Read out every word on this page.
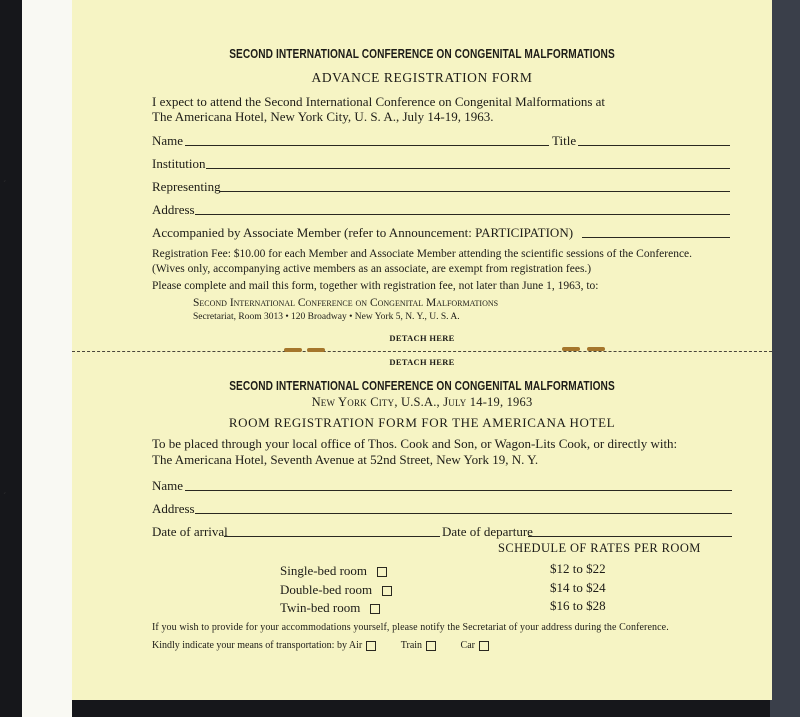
ˊ
ˊ
SECOND INTERNATIONAL CONFERENCE ON CONGENITAL MALFORMATIONS
ADVANCE REGISTRATION FORM
I expect to attend the Second International Conference on Congenital Malformations at
The Americana Hotel, New York City, U. S. A., July 14-19, 1963.
Name	Title
Institution
Representing
Address
Accompanied by Associate Member (refer to Announcement: PARTICIPATION)
Registration Fee: $10.00 for each Member and Associate Member attending the scientific sessions of the Conference.
(Wives only, accompanying active members as an associate, are exempt from registration fees.)
Please complete and mail this form, together with registration fee, not later than June 1, 1963, to:
Second International Conference on Congenital Malformations
Secretariat, Room 3013 • 120 Broadway • New York 5, N. Y., U. S. A.
DETACH HERE
DETACH HERE
SECOND INTERNATIONAL CONFERENCE ON CONGENITAL MALFORMATIONS
New York City, U.S.A., July 14-19, 1963
ROOM REGISTRATION FORM FOR THE AMERICANA HOTEL
To be placed through your local office of Thos. Cook and Son, or Wagon-Lits Cook, or directly with:
The Americana Hotel, Seventh Avenue at 52nd Street, New York 19, N. Y.
Name
Address
Date of arrival	Date of departure
SCHEDULE OF RATES PER ROOM
Single-bed room	$12 to $22
Double-bed room	$14 to $24
Twin-bed room	$16 to $28
If you wish to provide for your accommodations yourself, please notify the Secretariat of your address during the Conference.
Kindly indicate your means of transportation: by Air	Train	Car
